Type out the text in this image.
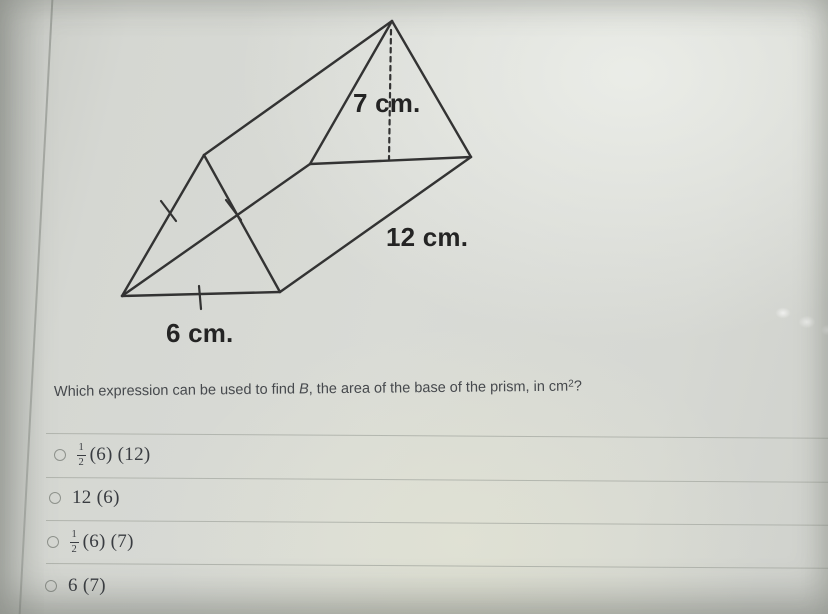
7 cm.
12 cm.
6 cm.
Which expression can be used to find B, the area of the base of the prism, in $cm^2$?
$\frac{1}{2} (6)$ (12)
12 (6)
$\frac{1}{2} (6)$ (7)
6 (7)
